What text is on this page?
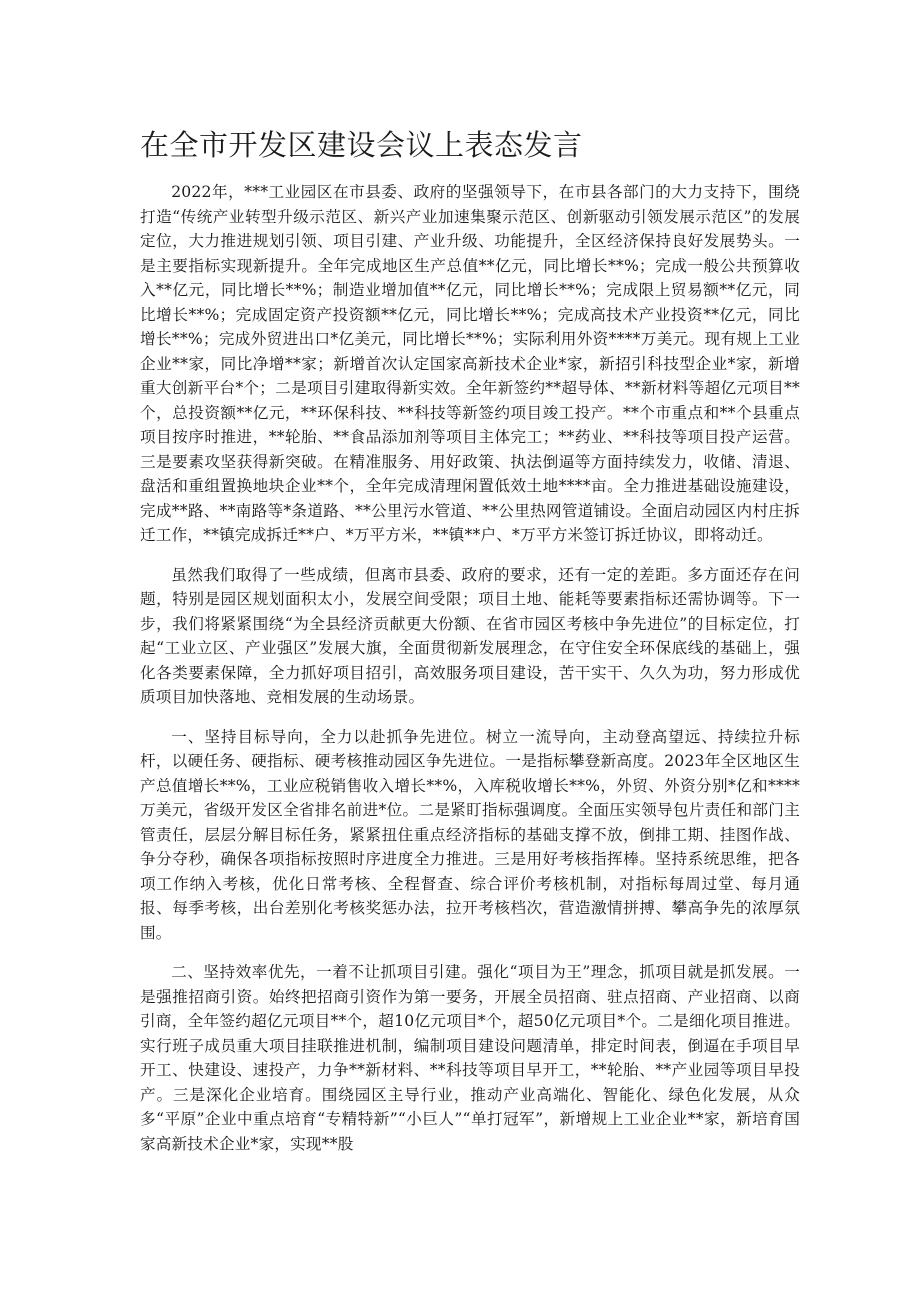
在全市开发区建设会议上表态发言

2022年，***工业园区在市县委、政府的坚强领导下，在市县各部门的大力支持下，围绕打造“传统产业转型升级示范区、新兴产业加速集聚示范区、创新驱动引领发展示范区”的发展定位，大力推进规划引领、项目引建、产业升级、功能提升，全区经济保持良好发展势头。一是主要指标实现新提升。全年完成地区生产总值**亿元，同比增长**%；完成一般公共预算收入**亿元，同比增长**%；制造业增加值**亿元，同比增长**%；完成限上贸易额**亿元，同比增长**%；完成固定资产投资额**亿元，同比增长**%；完成高技术产业投资**亿元，同比增长**%；完成外贸进出口*亿美元，同比增长**%；实际利用外资****万美元。现有规上工业企业**家，同比净增**家；新增首次认定国家高新技术企业*家，新招引科技型企业*家，新增重大创新平台*个；二是项目引建取得新实效。全年新签约**超导体、**新材料等超亿元项目**个，总投资额**亿元，**环保科技、**科技等新签约项目竣工投产。**个市重点和**个县重点项目按序时推进，**轮胎、**食品添加剂等项目主体完工；**药业、**科技等项目投产运营。三是要素攻坚获得新突破。在精准服务、用好政策、执法倒逼等方面持续发力，收储、清退、盘活和重组置换地块企业**个，全年完成清理闲置低效土地****亩。全力推进基础设施建设，完成**路、**南路等*条道路、**公里污水管道、**公里热网管道铺设。全面启动园区内村庄拆迁工作，**镇完成拆迁**户、*万平方米，**镇**户、*万平方米签订拆迁协议，即将动迁。

虽然我们取得了一些成绩，但离市县委、政府的要求，还有一定的差距。多方面还存在问题，特别是园区规划面积太小，发展空间受限；项目土地、能耗等要素指标还需协调等。下一步，我们将紧紧围绕“为全县经济贡献更大份额、在省市园区考核中争先进位”的目标定位，打起“工业立区、产业强区”发展大旗，全面贯彻新发展理念，在守住安全环保底线的基础上，强化各类要素保障，全力抓好项目招引，高效服务项目建设，苦干实干、久久为功，努力形成优质项目加快落地、竞相发展的生动场景。

一、坚持目标导向，全力以赴抓争先进位。树立一流导向，主动登高望远、持续拉升标杆，以硬任务、硬指标、硬考核推动园区争先进位。一是指标攀登新高度。2023年全区地区生产总值增长**%，工业应税销售收入增长**%，入库税收增长**%，外贸、外资分别*亿和****万美元，省级开发区全省排名前进*位。二是紧盯指标强调度。全面压实领导包片责任和部门主管责任，层层分解目标任务，紧紧扭住重点经济指标的基础支撑不放，倒排工期、挂图作战、争分夺秒，确保各项指标按照时序进度全力推进。三是用好考核指挥棒。坚持系统思维，把各项工作纳入考核，优化日常考核、全程督查、综合评价考核机制，对指标每周过堂、每月通报、每季考核，出台差别化考核奖惩办法，拉开考核档次，营造激情拼搏、攀高争先的浓厚氛围。

二、坚持效率优先，一着不让抓项目引建。强化“项目为王”理念，抓项目就是抓发展。一是强推招商引资。始终把招商引资作为第一要务，开展全员招商、驻点招商、产业招商、以商引商，全年签约超亿元项目**个，超10亿元项目*个，超50亿元项目*个。二是细化项目推进。实行班子成员重大项目挂联推进机制，编制项目建设问题清单，排定时间表，倒逼在手项目早开工、快建设、速投产，力争**新材料、**科技等项目早开工，**轮胎、**产业园等项目早投产。三是深化企业培育。围绕园区主导行业，推动产业高端化、智能化、绿色化发展，从众多“平原”企业中重点培育“专精特新”“小巨人”“单打冠军”，新增规上工业企业**家，新培育国家高新技术企业*家，实现**股
